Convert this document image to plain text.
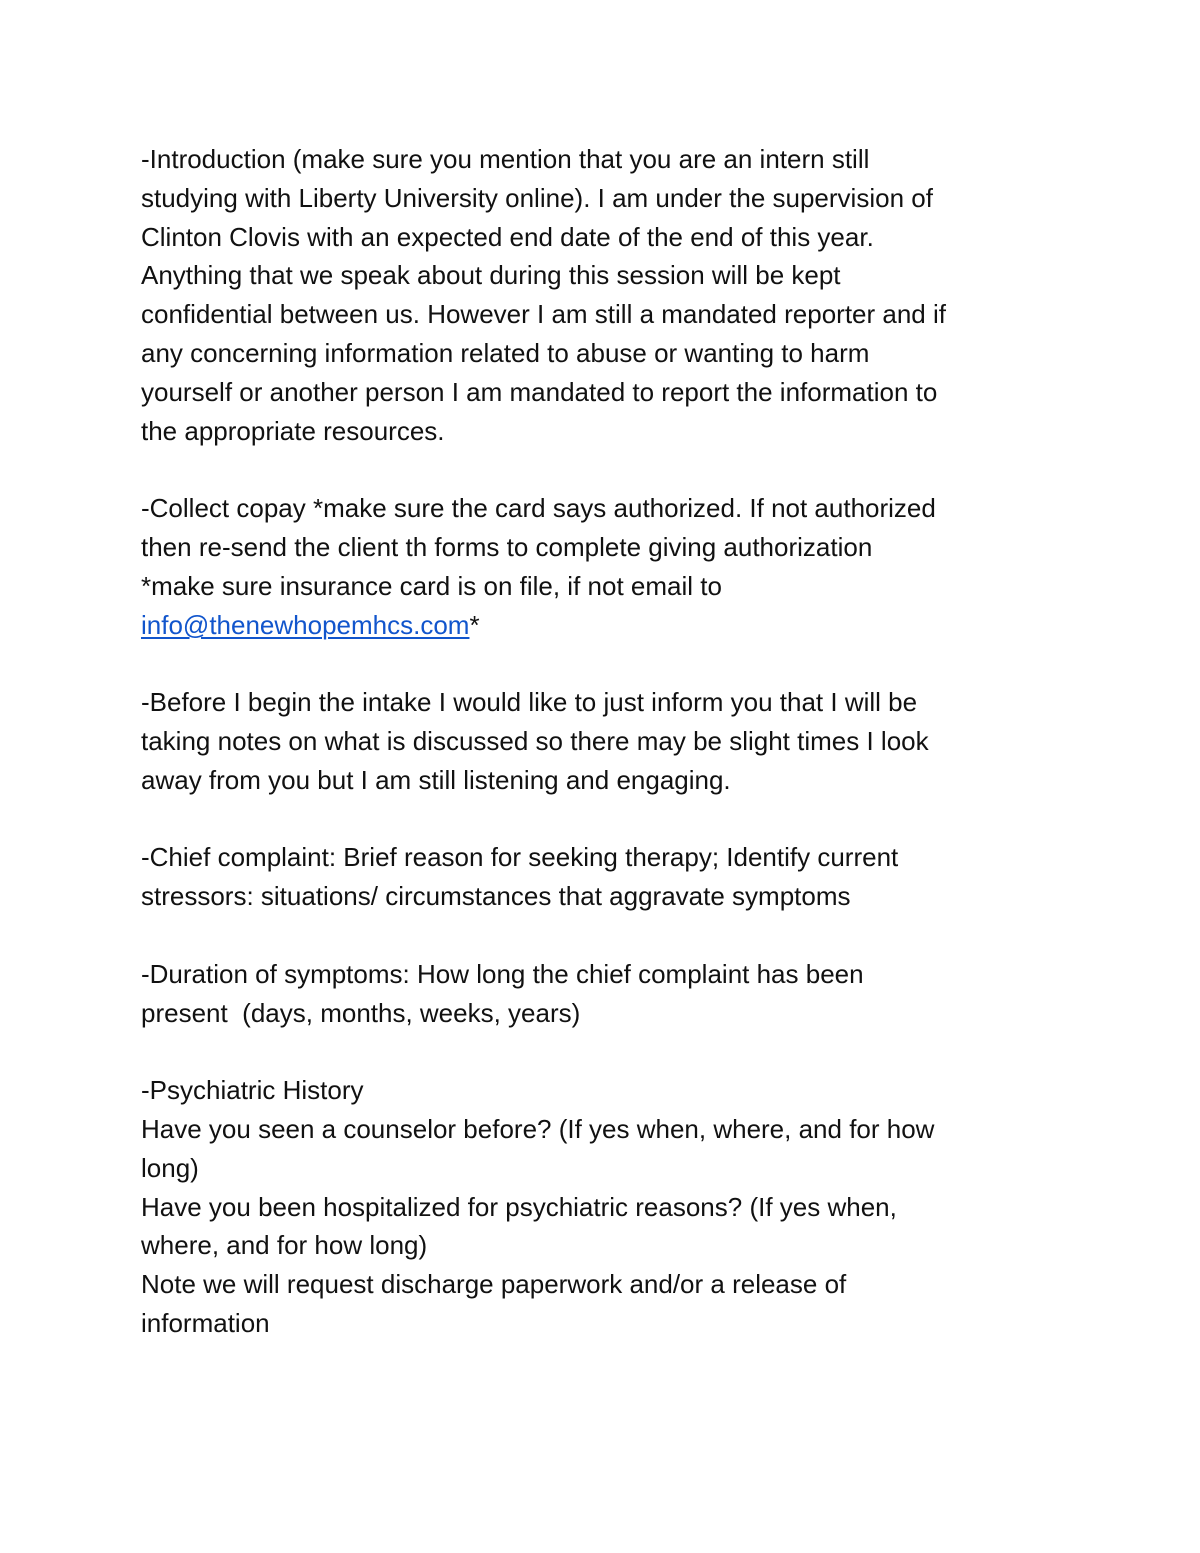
-Introduction (make sure you mention that you are an intern still
studying with Liberty University online). I am under the supervision of
Clinton Clovis with an expected end date of the end of this year.
Anything that we speak about during this session will be kept
confidential between us. However I am still a mandated reporter and if
any concerning information related to abuse or wanting to harm
yourself or another person I am mandated to report the information to
the appropriate resources.
-Collect copay *make sure the card says authorized. If not authorized
then re-send the client th forms to complete giving authorization
*make sure insurance card is on file, if not email to
info@thenewhopemhcs.com*
-Before I begin the intake I would like to just inform you that I will be
taking notes on what is discussed so there may be slight times I look
away from you but I am still listening and engaging.
-Chief complaint: Brief reason for seeking therapy; Identify current
stressors: situations/ circumstances that aggravate symptoms
-Duration of symptoms: How long the chief complaint has been
present  (days, months, weeks, years)
-Psychiatric History
Have you seen a counselor before? (If yes when, where, and for how
long)
Have you been hospitalized for psychiatric reasons? (If yes when,
where, and for how long)
Note we will request discharge paperwork and/or a release of
information
